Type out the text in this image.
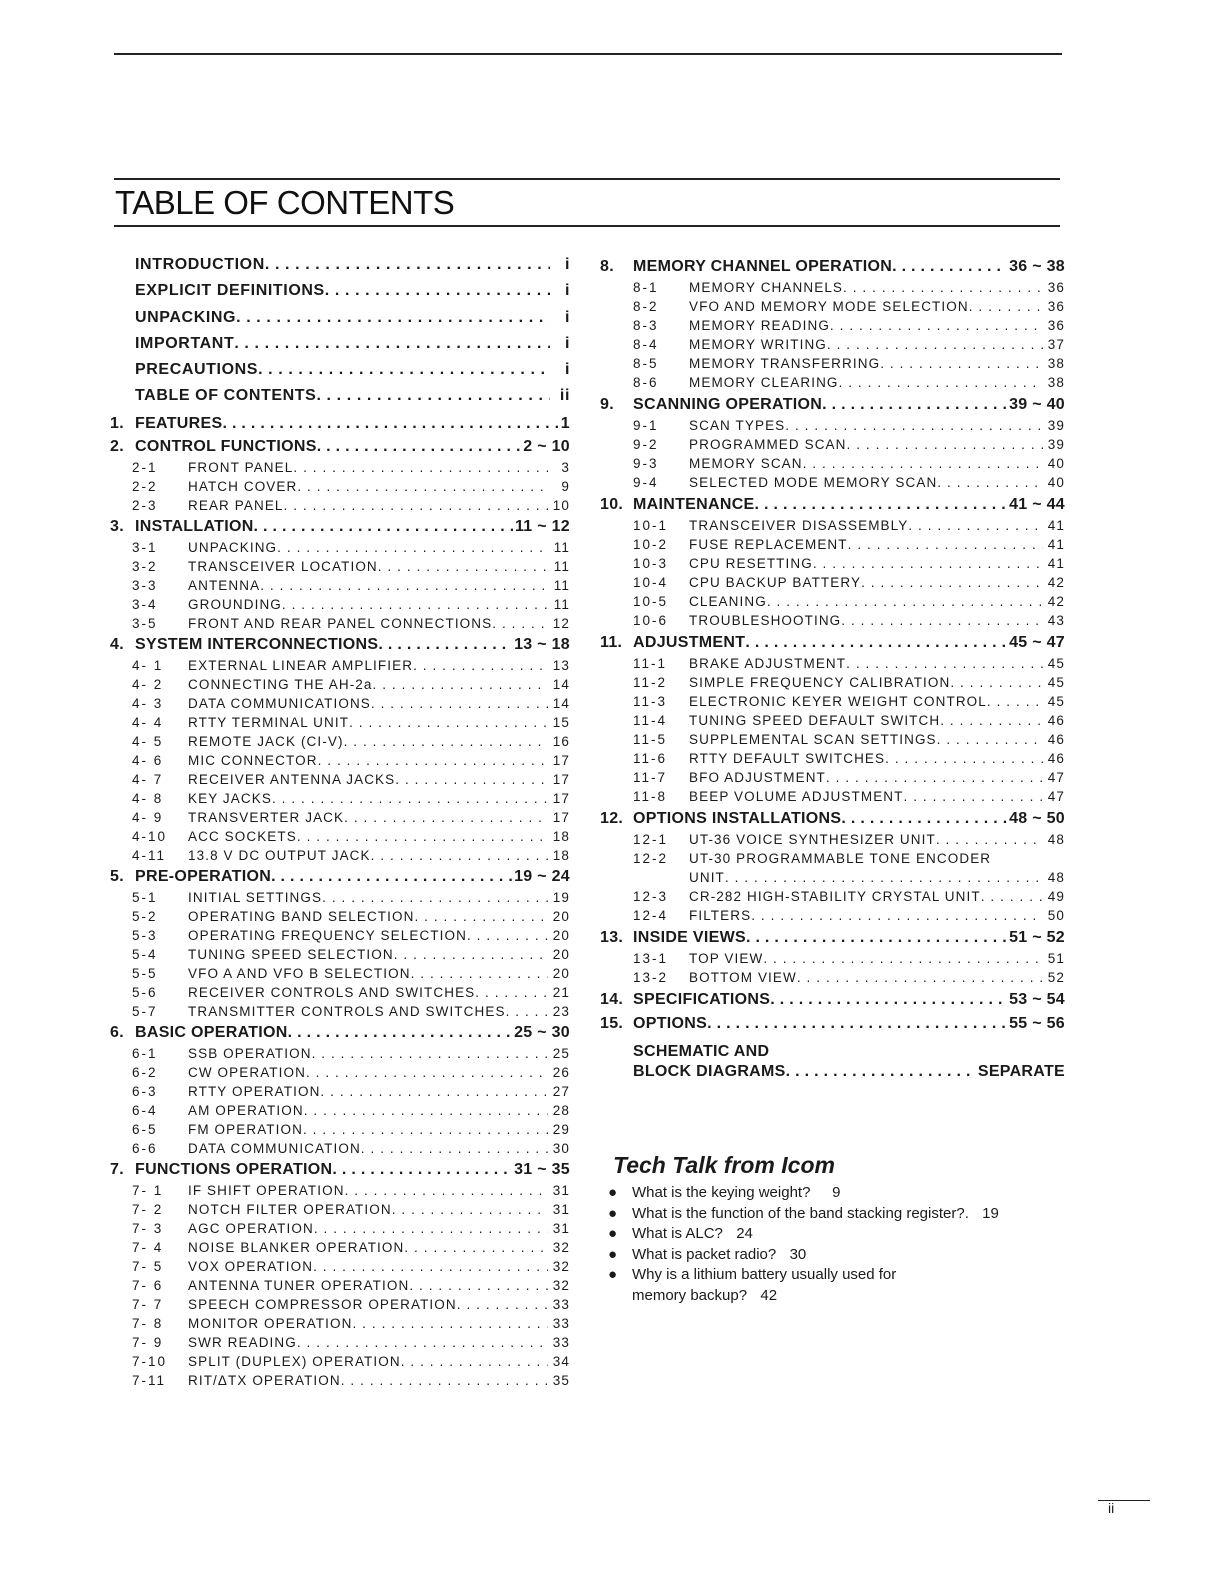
TABLE OF CONTENTS
INTRODUCTION . . .	i
EXPLICIT DEFINITIONS . . .	i
UNPACKING . . .	i
IMPORTANT . . .	i
PRECAUTIONS . . .	i
TABLE OF CONTENTS . . .	ii
1. FEATURES . . .	1
2. CONTROL FUNCTIONS . . .	2 ~ 10
2-1	FRONT PANEL . . .	3
2-2	HATCH COVER . . .	9
2-3	REAR PANEL . . .	10
3. INSTALLATION . . .	11 ~ 12
3-1	UNPACKING . . .	11
3-2	TRANSCEIVER LOCATION . . .	11
3-3	ANTENNA . . .	11
3-4	GROUNDING . . .	11
3-5	FRONT AND REAR PANEL CONNECTIONS . . .	12
4. SYSTEM INTERCONNECTIONS . . .	13 ~ 18
4- 1	EXTERNAL LINEAR AMPLIFIER . . .	13
4- 2	CONNECTING THE AH-2a . . .	14
4- 3	DATA COMMUNICATIONS . . .	14
4- 4	RTTY TERMINAL UNIT . . .	15
4- 5	REMOTE JACK (CI-V) . . .	16
4- 6	MIC CONNECTOR . . .	17
4- 7	RECEIVER ANTENNA JACKS . . .	17
4- 8	KEY JACKS . . .	17
4- 9	TRANSVERTER JACK . . .	17
4-10	ACC SOCKETS . . .	18
4-11	13.8 V DC OUTPUT JACK . . .	18
5. PRE-OPERATION . . .	19 ~ 24
5-1	INITIAL SETTINGS . . .	19
5-2	OPERATING BAND SELECTION . . .	20
5-3	OPERATING FREQUENCY SELECTION . . .	20
5-4	TUNING SPEED SELECTION . . .	20
5-5	VFO A AND VFO B SELECTION . . .	20
5-6	RECEIVER CONTROLS AND SWITCHES . . .	21
5-7	TRANSMITTER CONTROLS AND SWITCHES . . .	23
6. BASIC OPERATION . . .	25 ~ 30
6-1	SSB OPERATION . . .	25
6-2	CW OPERATION . . .	26
6-3	RTTY OPERATION . . .	27
6-4	AM OPERATION . . .	28
6-5	FM OPERATION . . .	29
6-6	DATA COMMUNICATION . . .	30
7. FUNCTIONS OPERATION . . .	31 ~ 35
7- 1	IF SHIFT OPERATION . . .	31
7- 2	NOTCH FILTER OPERATION . . .	31
7- 3	AGC OPERATION . . .	31
7- 4	NOISE BLANKER OPERATION . . .	32
7- 5	VOX OPERATION . . .	32
7- 6	ANTENNA TUNER OPERATION . . .	32
7- 7	SPEECH COMPRESSOR OPERATION . . .	33
7- 8	MONITOR OPERATION . . .	33
7- 9	SWR READING . . .	33
7-10	SPLIT (DUPLEX) OPERATION . . .	34
7-11	RIT/ΔTX OPERATION . . .	35
8.	MEMORY CHANNEL OPERATION . . .	36 ~ 38
8-1	MEMORY CHANNELS . . .	36
8-2	VFO AND MEMORY MODE SELECTION . . .	36
8-3	MEMORY READING . . .	36
8-4	MEMORY WRITING . . .	37
8-5	MEMORY TRANSFERRING . . .	38
8-6	MEMORY CLEARING . . .	38
9.	SCANNING OPERATION . . .	39 ~ 40
9-1	SCAN TYPES . . .	39
9-2	PROGRAMMED SCAN . . .	39
9-3	MEMORY SCAN . . .	40
9-4	SELECTED MODE MEMORY SCAN . . .	40
10. MAINTENANCE . . .	41 ~ 44
10-1	TRANSCEIVER DISASSEMBLY . . .	41
10-2	FUSE REPLACEMENT . . .	41
10-3	CPU RESETTING . . .	41
10-4	CPU BACKUP BATTERY . . .	42
10-5	CLEANING . . .	42
10-6	TROUBLESHOOTING . . .	43
11. ADJUSTMENT . . .	45 ~ 47
11-1	BRAKE ADJUSTMENT . . .	45
11-2	SIMPLE FREQUENCY CALIBRATION . . .	45
11-3	ELECTRONIC KEYER WEIGHT CONTROL . . .	45
11-4	TUNING SPEED DEFAULT SWITCH . . .	46
11-5	SUPPLEMENTAL SCAN SETTINGS . . .	46
11-6	RTTY DEFAULT SWITCHES . . .	46
11-7	BFO ADJUSTMENT . . .	47
11-8	BEEP VOLUME ADJUSTMENT . . .	47
12. OPTIONS INSTALLATIONS . . .	48 ~ 50
12-1	UT-36 VOICE SYNTHESIZER UNIT . . .	48
12-2	UT-30 PROGRAMMABLE TONE ENCODER
UNIT . . .	48
12-3	CR-282 HIGH-STABILITY CRYSTAL UNIT . . .	49
12-4	FILTERS . . .	50
13. INSIDE VIEWS . . .	51 ~ 52
13-1	TOP VIEW . . .	51
13-2	BOTTOM VIEW . . .	52
14. SPECIFICATIONS . . .	53 ~ 54
15. OPTIONS . . .	55 ~ 56
SCHEMATIC AND
BLOCK DIAGRAMS . . .	SEPARATE
Tech Talk from Icom
● What is the keying weight?	9
● What is the function of the band stacking register?. 19
● What is ALC? 24
● What is packet radio? 30
● Why is a lithium battery usually used for
memory backup? 42
ii
